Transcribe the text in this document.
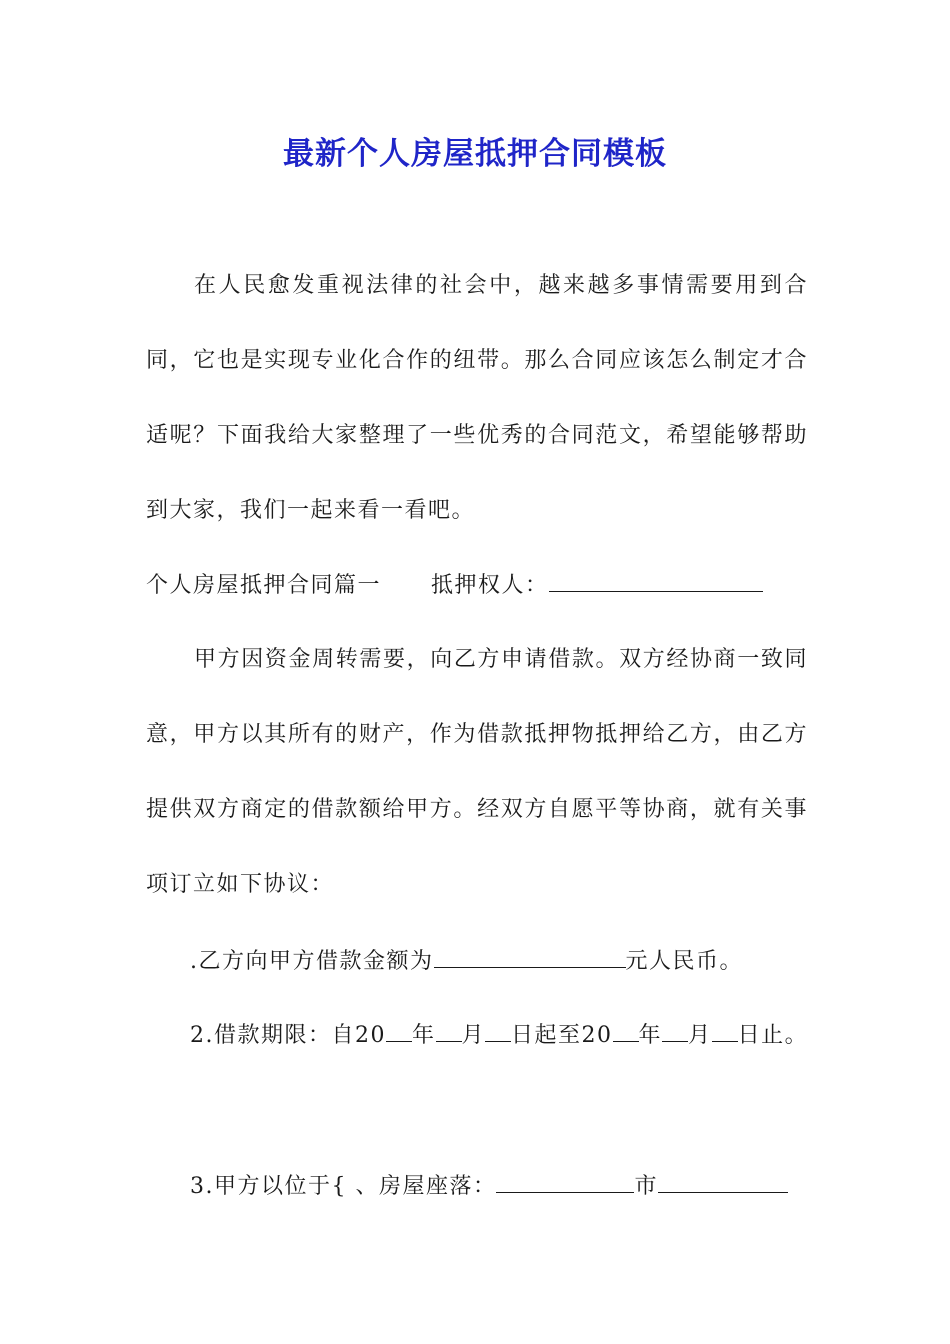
最新个人房屋抵押合同模板

在人民愈发重视法律的社会中，越来越多事情需要用到合同，它也是实现专业化合作的纽带。那么合同应该怎么制定才合适呢？下面我给大家整理了一些优秀的合同范文，希望能够帮助到大家，我们一起来看一看吧。

个人房屋抵押合同篇一 抵押权人：

甲方因资金周转需要，向乙方申请借款。双方经协商一致同意，甲方以其所有的财产，作为借款抵押物抵押给乙方，由乙方提供双方商定的借款额给甲方。经双方自愿平等协商，就有关事项订立如下协议：

.乙方向甲方借款金额为	元人民币。
2.借款期限：自20 年 月 日起至20 年 月 日止。
3.甲方以位于{ 、房屋座落：	市
